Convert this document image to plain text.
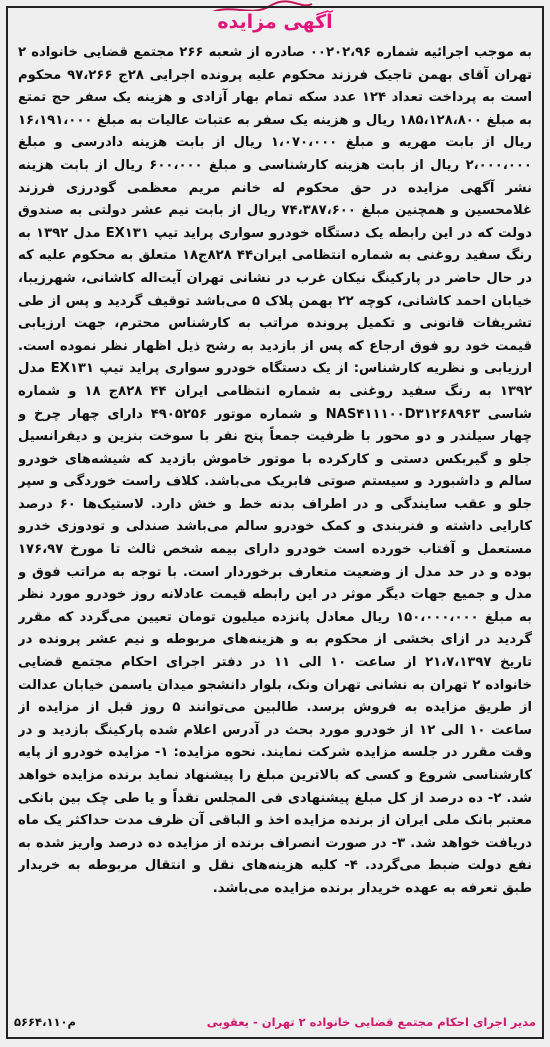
آگهی مزایده

به موجب اجرائیه شماره ۰۰۲۰۲،۹۶ صادره از شعبه ۲۶۶ مجتمع قضایی خانواده ۲ تهران آقای بهمن تاجیک فرزند محکوم علیه پرونده اجرایی ۲۸ج ۹۷،۲۶۶ محکوم است به پرداخت تعداد ۱۲۴ عدد سکه تمام بهار آزادی و هزینه یک سفر حج تمتع به مبلغ ۱۸۵،۱۲۸،۸۰۰ ریال و هزینه یک سفر به عتبات عالیات به مبلغ ۱۶،۱۹۱،۰۰۰ ریال از بابت مهریه و مبلغ ۱،۰۷۰،۰۰۰ ریال از بابت هزینه دادرسی و مبلغ ۲،۰۰۰،۰۰۰ ریال از بابت هزینه کارشناسی و مبلغ ۶۰۰،۰۰۰ ریال از بابت هزینه نشر آگهی مزایده در حق محکوم له خانم مریم معظمی گودرزی فرزند غلامحسین و همچنین مبلغ ۷۴،۳۸۷،۶۰۰ ریال از بابت نیم عشر دولتی به صندوق دولت که در این رابطه یک دستگاه خودرو سواری پراید تیپ EX۱۳۱ مدل ۱۳۹۲ به رنگ سفید روغنی به شماره انتظامی ایران۴۴ ۸۲۸ج۱۸ متعلق به محکوم علیه که در حال حاضر در پارکینگ نیکان غرب در نشانی تهران آیت‌اله کاشانی، شهرزیبا، خیابان احمد کاشانی، کوچه ۲۲ بهمن پلاک ۵ می‌باشد توقیف گردید و پس از طی تشریفات قانونی و تکمیل پرونده مراتب به کارشناس محترم، جهت ارزیابی قیمت خود رو فوق ارجاع که پس از بازدید به رشح ذیل اظهار نظر نموده است. ارزیابی و نظریه کارشناس: از یک دستگاه خودرو سواری پراید تیپ EX۱۳۱ مدل ۱۳۹۲ به رنگ سفید روغنی به شماره انتظامی ایران ۴۴ ۸۲۸ج ۱۸ و شماره شاسی NAS۴۱۱۱۰۰D۳۱۲۶۸۹۶۳ و شماره موتور ۴۹۰۵۲۵۶ دارای چهار چرخ و چهار سیلندر و دو محور با ظرفیت جمعاً پنج نفر با سوخت بنزین و دیفرانسیل جلو و گیربکس دستی و کارکرده با موتور خاموش بازدید که شیشه‌های خودرو سالم و داشبورد و سیستم صوتی فابریک می‌باشد. کلاف راست خوردگی و سپر جلو و عقب سایندگی و در اطراف بدنه خط و خش دارد. لاستیک‌ها ۶۰ درصد کارایی داشته و فنربندی و کمک خودرو سالم می‌باشد صندلی و تودوزی خدرو مستعمل و آفتاب خورده است خودرو دارای بیمه شخص ثالث تا مورخ ۱۷۶،۹۷ بوده و در حد مدل از وضعیت متعارف برخوردار است. با توجه به مراتب فوق و مدل و جمیع جهات دیگر موثر در این رابطه قیمت عادلانه روز خودرو مورد نظر به مبلغ ۱۵۰،۰۰۰،۰۰۰ ریال معادل پانزده میلیون تومان تعیین می‌گردد که مقرر گردید در ازای بخشی از محکوم به و هزینه‌های مربوطه و نیم عشر پرونده در تاریخ ۲۱،۷،۱۳۹۷ از ساعت ۱۰ الی ۱۱ در دفتر اجرای احکام مجتمع قضایی خانواده ۲ تهران به نشانی تهران ونک، بلوار دانشجو میدان یاسمن خیابان عدالت از طریق مزایده به فروش برسد. طالبین می‌توانند ۵ روز قبل از مزایده از ساعت ۱۰ الی ۱۲ از خودرو مورد بحث در آدرس اعلام شده پارکینگ بازدید و در وقت مقرر در جلسه مزایده شرکت نمایند. نحوه مزایده: ۱- مزایده خودرو از پایه کارشناسی شروع و کسی که بالاترین مبلغ را پیشنهاد نماید برنده مزایده خواهد شد. ۲- ده درصد از کل مبلغ پیشنهادی فی المجلس نقداً و یا طی چک بین بانکی معتبر بانک ملی ایران از برنده مزایده اخذ و الباقی آن ظرف مدت حداکثر یک ماه دریافت خواهد شد. ۳- در صورت انصراف برنده از مزایده ده درصد واریز شده به نفع دولت ضبط می‌گردد. ۴- کلیه هزینه‌های نقل و انتقال مربوطه به خریدار طبق تعرفه به عهده خریدار برنده مزایده می‌باشد.

مدیر اجرای احکام مجتمع قضایی خانواده ۲ تهران - یعقوبی
۵۶۶۴،۱۱۰م
